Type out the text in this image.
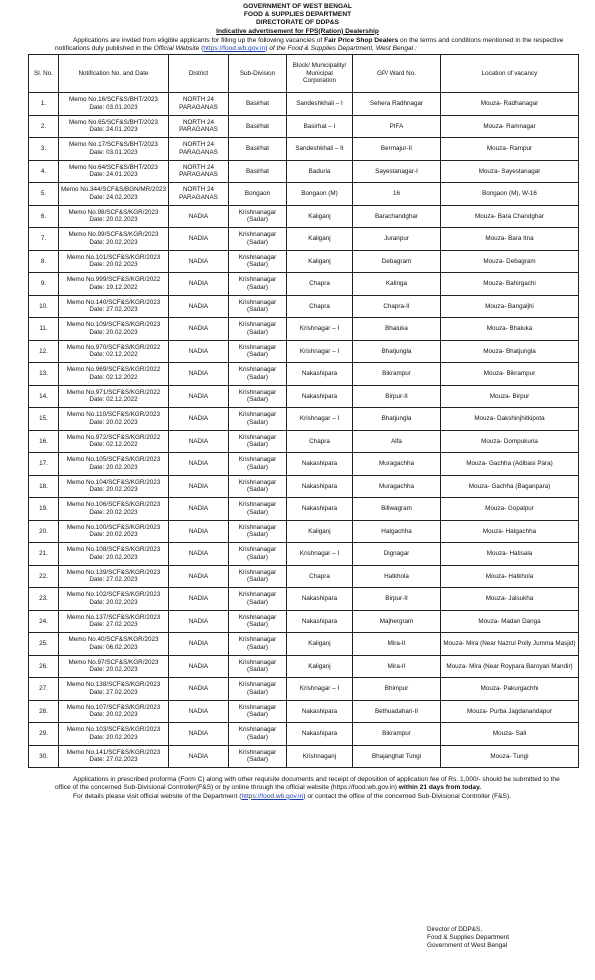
GOVERNMENT OF WEST BENGAL
FOOD & SUPPLIES DEPARTMENT
DIRECTORATE OF DDP&S
Indicative advertisement for FPS(Ration) Dealership
Applications are invited from eligible applicants for filling up the following vacancies of Fair Price Shop Dealers on the terms and conditions mentioned in the respective notifications duly published in the Official Website (https://food.wb.gov.in) of the Food & Supplies Department, West Bengal :
Sl. No.	Notification No. and Date	District	Sub-Division	Block/ Municipality/ Municipal Corporation	GP/ Ward No.	Location of vacancy
1.	Memo No.16/SCF&S/BHT/2023 Date: 03.01.2023	NORTH 24 PARAGANAS	Basirhat	Sandeshkhali – I	Sehera Radhnagar	Mouza- Radhanagar
2.	Memo No.65/SCF&S/BHT/2023 Date: 24.01.2023	NORTH 24 PARAGANAS	Basirhat	Basirhat – I	PIFA	Mouza- Ramnagar
3.	Memo No.17/SCF&S/BHT/2023 Date: 03.01.2023	NORTH 24 PARAGANAS	Basirhat	Sandeshkhali – II	Bermajur-II	Mouza- Rampur
4.	Memo No.64/SCF&S/BHT/2023 Date: 24.01.2023	NORTH 24 PARAGANAS	Basirhat	Baduria	Sayestanagar-I	Mouza- Sayestanagar
5.	Memo No.344/SCF&S/BGN/MR/2023 Date: 24.02.2023	NORTH 24 PARAGANAS	Bongaon	Bongaon (M)	16	Bongaon (M), W-16
6.	Memo No.98/SCF&S/KGR/2023 Date: 20.02.2023	NADIA	Krishnanagar (Sadar)	Kaliganj	Barachandghar	Mouza- Bara Chandghar
7.	Memo No.99/SCF&S/KGR/2023 Date: 20.02.2023	NADIA	Krishnanagar (Sadar)	Kaliganj	Juranpur	Mouza- Bara Itna
8.	Memo No.101/SCF&S/KGR/2023 Date: 20.02.2023	NADIA	Krishnanagar (Sadar)	Kaliganj	Debagram	Mouza- Debagram
9.	Memo No.999/SCF&S/KGR/2022 Date: 19.12.2022	NADIA	Krishnanagar (Sadar)	Chapra	Kalinga	Mouza- Bahirgachi
10.	Memo No.140/SCF&S/KGR/2023 Date: 27.02.2023	NADIA	Krishnanagar (Sadar)	Chapra	Chapra-II	Mouza- Bangaljhi
11.	Memo No.109/SCF&S/KGR/2023 Date: 20.02.2023	NADIA	Krishnanagar (Sadar)	Krishnagar – I	Bhaluka	Mouza- Bhaluka
12.	Memo No.970/SCF&S/KGR/2022 Date: 02.12.2022	NADIA	Krishnanagar (Sadar)	Krishnagar – I	Bhatjungla	Mouza- Bhatjungla
13.	Memo No.969/SCF&S/KGR/2022 Date: 02.12.2022	NADIA	Krishnanagar (Sadar)	Nakashipara	Bikrampur	Mouza- Bikrampur
14.	Memo No.971/SCF&S/KGR/2022 Date: 02.12.2022	NADIA	Krishnanagar (Sadar)	Nakashipara	Birpur-II	Mouza- Birpur
15.	Memo No.110/SCF&S/KGR/2023 Date: 20.02.2023	NADIA	Krishnanagar (Sadar)	Krishnagar – I	Bhatjungla	Mouza- Dakshinjhitkipota
16.	Memo No.972/SCF&S/KGR/2022 Date: 02.12.2022	NADIA	Krishnanagar (Sadar)	Chapra	Alfa	Mouza- Dompukuria
17.	Memo No.105/SCF&S/KGR/2023 Date: 20.02.2023	NADIA	Krishnanagar (Sadar)	Nakashipara	Muragachha	Mouza- Gachha (Adibasi Para)
18.	Memo No.104/SCF&S/KGR/2023 Date: 20.02.2023	NADIA	Krishnanagar (Sadar)	Nakashipara	Muragachha	Mouza- Gachha (Baganpara)
19.	Memo No.106/SCF&S/KGR/2023 Date: 20.02.2023	NADIA	Krishnanagar (Sadar)	Nakashipara	Billwagram	Mouza- Gopalpur
20.	Memo No.100/SCF&S/KGR/2023 Date: 20.02.2023	NADIA	Krishnanagar (Sadar)	Kaliganj	Hatgachha	Mouza- Hatgachha
21.	Memo No.108/SCF&S/KGR/2023 Date: 20.02.2023	NADIA	Krishnanagar (Sadar)	Krishnagar – I	Dignagar	Mouza- Hatisala
22.	Memo No.139/SCF&S/KGR/2023 Date: 27.02.2023	NADIA	Krishnanagar (Sadar)	Chapra	Hatkhola	Mouza- Hatkhola
23.	Memo No.102/SCF&S/KGR/2023 Date: 20.02.2023	NADIA	Krishnanagar (Sadar)	Nakashipara	Birpur-II	Mouza- Jalsukha
24.	Memo No.137/SCF&S/KGR/2023 Date: 27.02.2023	NADIA	Krishnanagar (Sadar)	Nakashipara	Majhergram	Mouza- Madan Danga
25.	Memo No.40/SCF&S/KGR/2023 Date: 06.02.2023	NADIA	Krishnanagar (Sadar)	Kaliganj	Mira-II	Mouza- Mira (Near Nazrul Polly Jumma Masjid)
26.	Memo No.97/SCF&S/KGR/2023 Date: 20.02.2023	NADIA	Krishnanagar (Sadar)	Kaliganj	Mira-II	Mouza- Mira (Near Roypara Baroyari Mandir)
27.	Memo No.138/SCF&S/KGR/2023 Date: 27.02.2023	NADIA	Krishnanagar (Sadar)	Krishnagar – I	Bhimpur	Mouza- Pakurgachhi
28.	Memo No.107/SCF&S/KGR/2023 Date: 20.02.2023	NADIA	Krishnanagar (Sadar)	Nakashipara	Bethuadahari-II	Mouza- Purba Jagdanandapur
29.	Memo No.103/SCF&S/KGR/2023 Date: 20.02.2023	NADIA	Krishnanagar (Sadar)	Nakashipara	Bikrampur	Mouza- Sali
30.	Memo No.141/SCF&S/KGR/2023 Date: 27.02.2023	NADIA	Krishnanagar (Sadar)	Krishnaganj	Bhajanghat Tungi	Mouza- Tungi

Applications in prescribed proforma (Form C) along with other requisite documents and receipt of deposition of application fee of Rs. 1,000/- should be submitted to the office of the concerned Sub-Divisional Controller(F&S) or by online through the official website (https://food.wb.gov.in) within 21 days from today.

For details please visit official website of the Department (https://food.wb.gov.in) or contact the office of the concerned Sub-Divisional Controller (F&S).

Director of DDP&S,
Food & Supplies Department
Government of West Bengal
